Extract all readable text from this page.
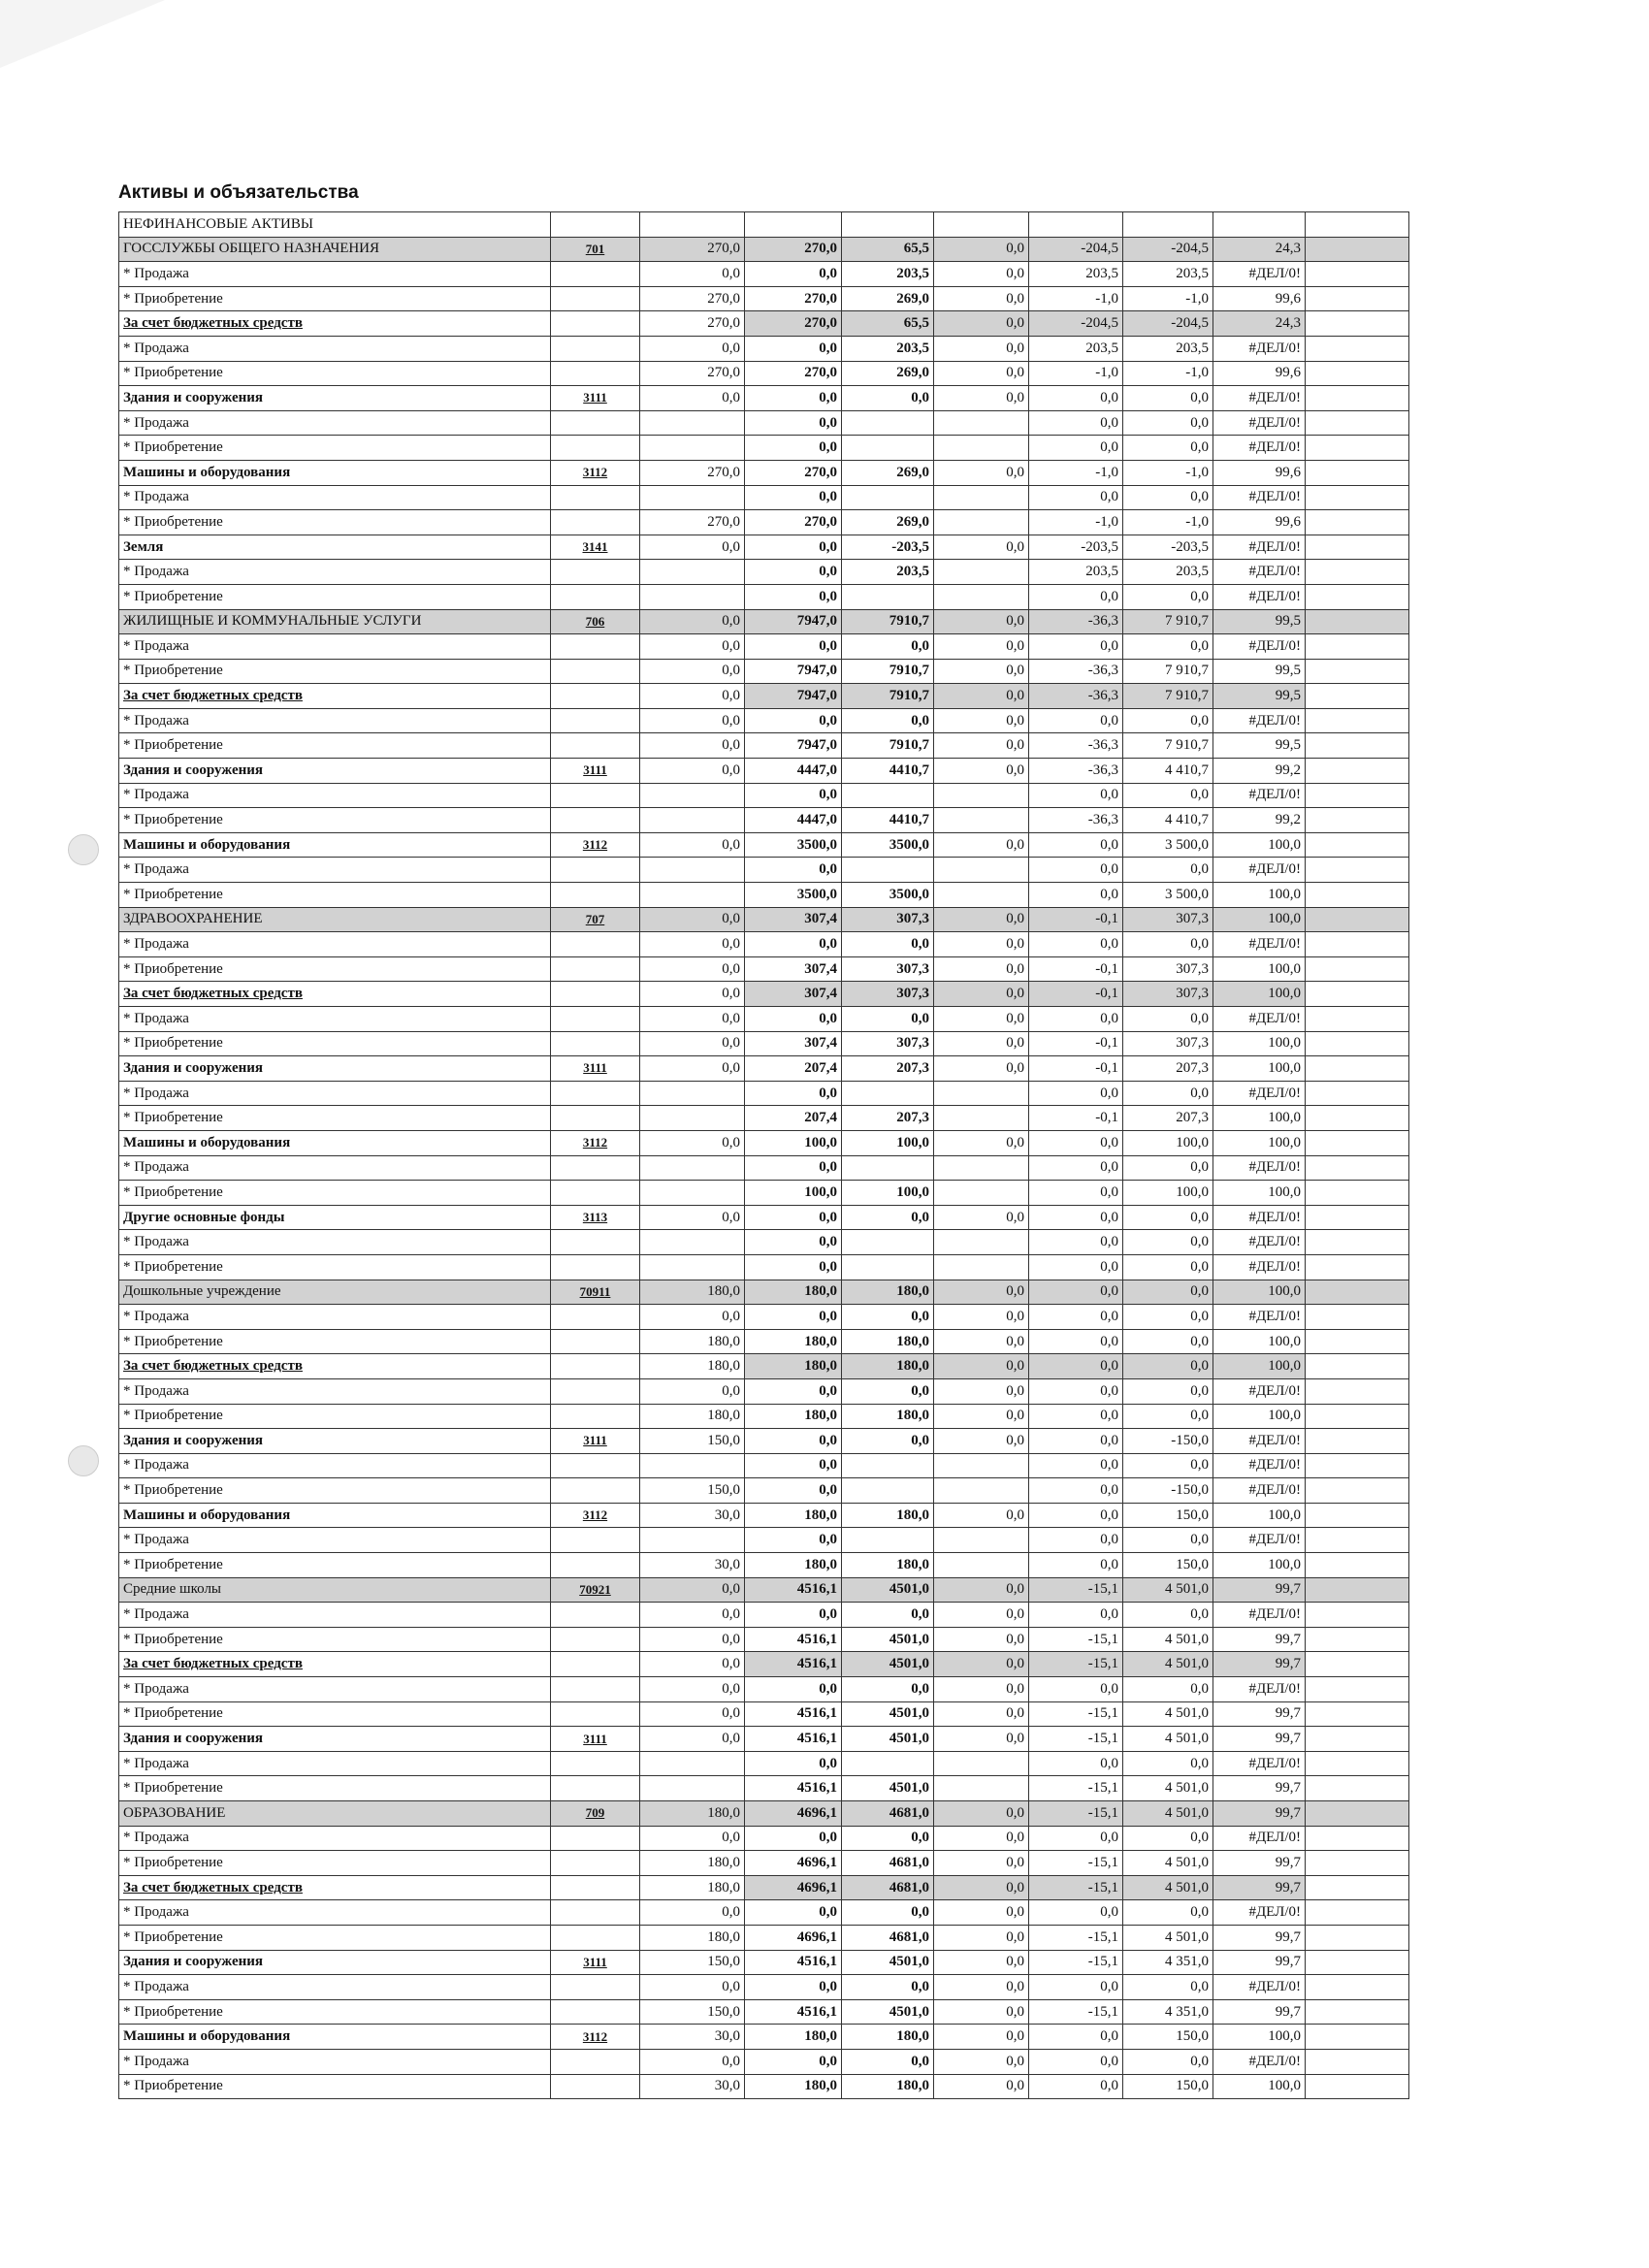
Активы и объязательства
НЕФИНАНСОВЫЕ АКТИВЫ									
ГОССЛУЖБЫ ОБЩЕГО НАЗНАЧЕНИЯ	701	270,0	270,0	65,5	0,0	-204,5	-204,5	24,3	
* Продажа		0,0	0,0	203,5	0,0	203,5	203,5	#ДЕЛ/0!	
* Приобретение		270,0	270,0	269,0	0,0	-1,0	-1,0	99,6	
За счет бюджетных средств		270,0	270,0	65,5	0,0	-204,5	-204,5	24,3	
* Продажа		0,0	0,0	203,5	0,0	203,5	203,5	#ДЕЛ/0!	
* Приобретение		270,0	270,0	269,0	0,0	-1,0	-1,0	99,6	
Здания и сооружения	3111	0,0	0,0	0,0	0,0	0,0	0,0	#ДЕЛ/0!	
* Продажа			0,0			0,0	0,0	#ДЕЛ/0!	
* Приобретение			0,0			0,0	0,0	#ДЕЛ/0!	
Машины и оборудования	3112	270,0	270,0	269,0	0,0	-1,0	-1,0	99,6	
* Продажа			0,0			0,0	0,0	#ДЕЛ/0!	
* Приобретение		270,0	270,0	269,0		-1,0	-1,0	99,6	
Земля	3141	0,0	0,0	-203,5	0,0	-203,5	-203,5	#ДЕЛ/0!	
* Продажа			0,0	203,5		203,5	203,5	#ДЕЛ/0!	
* Приобретение			0,0			0,0	0,0	#ДЕЛ/0!	
ЖИЛИЩНЫЕ И КОММУНАЛЬНЫЕ УСЛУГИ	706	0,0	7947,0	7910,7	0,0	-36,3	7 910,7	99,5	
* Продажа		0,0	0,0	0,0	0,0	0,0	0,0	#ДЕЛ/0!	
* Приобретение		0,0	7947,0	7910,7	0,0	-36,3	7 910,7	99,5	
За счет бюджетных средств		0,0	7947,0	7910,7	0,0	-36,3	7 910,7	99,5	
* Продажа		0,0	0,0	0,0	0,0	0,0	0,0	#ДЕЛ/0!	
* Приобретение		0,0	7947,0	7910,7	0,0	-36,3	7 910,7	99,5	
Здания и сооружения	3111	0,0	4447,0	4410,7	0,0	-36,3	4 410,7	99,2	
* Продажа			0,0			0,0	0,0	#ДЕЛ/0!	
* Приобретение			4447,0	4410,7		-36,3	4 410,7	99,2	
Машины и оборудования	3112	0,0	3500,0	3500,0	0,0	0,0	3 500,0	100,0	
* Продажа			0,0			0,0	0,0	#ДЕЛ/0!	
* Приобретение			3500,0	3500,0		0,0	3 500,0	100,0	
ЗДРАВООХРАНЕНИЕ	707	0,0	307,4	307,3	0,0	-0,1	307,3	100,0	
* Продажа		0,0	0,0	0,0	0,0	0,0	0,0	#ДЕЛ/0!	
* Приобретение		0,0	307,4	307,3	0,0	-0,1	307,3	100,0	
За счет бюджетных средств		0,0	307,4	307,3	0,0	-0,1	307,3	100,0	
* Продажа		0,0	0,0	0,0	0,0	0,0	0,0	#ДЕЛ/0!	
* Приобретение		0,0	307,4	307,3	0,0	-0,1	307,3	100,0	
Здания и сооружения	3111	0,0	207,4	207,3	0,0	-0,1	207,3	100,0	
* Продажа			0,0			0,0	0,0	#ДЕЛ/0!	
* Приобретение			207,4	207,3		-0,1	207,3	100,0	
Машины и оборудования	3112	0,0	100,0	100,0	0,0	0,0	100,0	100,0	
* Продажа			0,0			0,0	0,0	#ДЕЛ/0!	
* Приобретение			100,0	100,0		0,0	100,0	100,0	
Другие основные фонды	3113	0,0	0,0	0,0	0,0	0,0	0,0	#ДЕЛ/0!	
* Продажа			0,0			0,0	0,0	#ДЕЛ/0!	
* Приобретение			0,0			0,0	0,0	#ДЕЛ/0!	
Дошкольные учреждение	70911	180,0	180,0	180,0	0,0	0,0	0,0	100,0	
* Продажа		0,0	0,0	0,0	0,0	0,0	0,0	#ДЕЛ/0!	
* Приобретение		180,0	180,0	180,0	0,0	0,0	0,0	100,0	
За счет бюджетных средств		180,0	180,0	180,0	0,0	0,0	0,0	100,0	
* Продажа		0,0	0,0	0,0	0,0	0,0	0,0	#ДЕЛ/0!	
* Приобретение		180,0	180,0	180,0	0,0	0,0	0,0	100,0	
Здания и сооружения	3111	150,0	0,0	0,0	0,0	0,0	-150,0	#ДЕЛ/0!	
* Продажа			0,0			0,0	0,0	#ДЕЛ/0!	
* Приобретение		150,0	0,0			0,0	-150,0	#ДЕЛ/0!	
Машины и оборудования	3112	30,0	180,0	180,0	0,0	0,0	150,0	100,0	
* Продажа			0,0			0,0	0,0	#ДЕЛ/0!	
* Приобретение		30,0	180,0	180,0		0,0	150,0	100,0	
Средние школы	70921	0,0	4516,1	4501,0	0,0	-15,1	4 501,0	99,7	
* Продажа		0,0	0,0	0,0	0,0	0,0	0,0	#ДЕЛ/0!	
* Приобретение		0,0	4516,1	4501,0	0,0	-15,1	4 501,0	99,7	
За счет бюджетных средств		0,0	4516,1	4501,0	0,0	-15,1	4 501,0	99,7	
* Продажа		0,0	0,0	0,0	0,0	0,0	0,0	#ДЕЛ/0!	
* Приобретение		0,0	4516,1	4501,0	0,0	-15,1	4 501,0	99,7	
Здания и сооружения	3111	0,0	4516,1	4501,0	0,0	-15,1	4 501,0	99,7	
* Продажа			0,0			0,0	0,0	#ДЕЛ/0!	
* Приобретение			4516,1	4501,0		-15,1	4 501,0	99,7	
ОБРАЗОВАНИЕ	709	180,0	4696,1	4681,0	0,0	-15,1	4 501,0	99,7	
* Продажа		0,0	0,0	0,0	0,0	0,0	0,0	#ДЕЛ/0!	
* Приобретение		180,0	4696,1	4681,0	0,0	-15,1	4 501,0	99,7	
За счет бюджетных средств		180,0	4696,1	4681,0	0,0	-15,1	4 501,0	99,7	
* Продажа		0,0	0,0	0,0	0,0	0,0	0,0	#ДЕЛ/0!	
* Приобретение		180,0	4696,1	4681,0	0,0	-15,1	4 501,0	99,7	
Здания и сооружения	3111	150,0	4516,1	4501,0	0,0	-15,1	4 351,0	99,7	
* Продажа		0,0	0,0	0,0	0,0	0,0	0,0	#ДЕЛ/0!	
* Приобретение		150,0	4516,1	4501,0	0,0	-15,1	4 351,0	99,7	
Машины и оборудования	3112	30,0	180,0	180,0	0,0	0,0	150,0	100,0	
* Продажа		0,0	0,0	0,0	0,0	0,0	0,0	#ДЕЛ/0!	
* Приобретение		30,0	180,0	180,0	0,0	0,0	150,0	100,0	
